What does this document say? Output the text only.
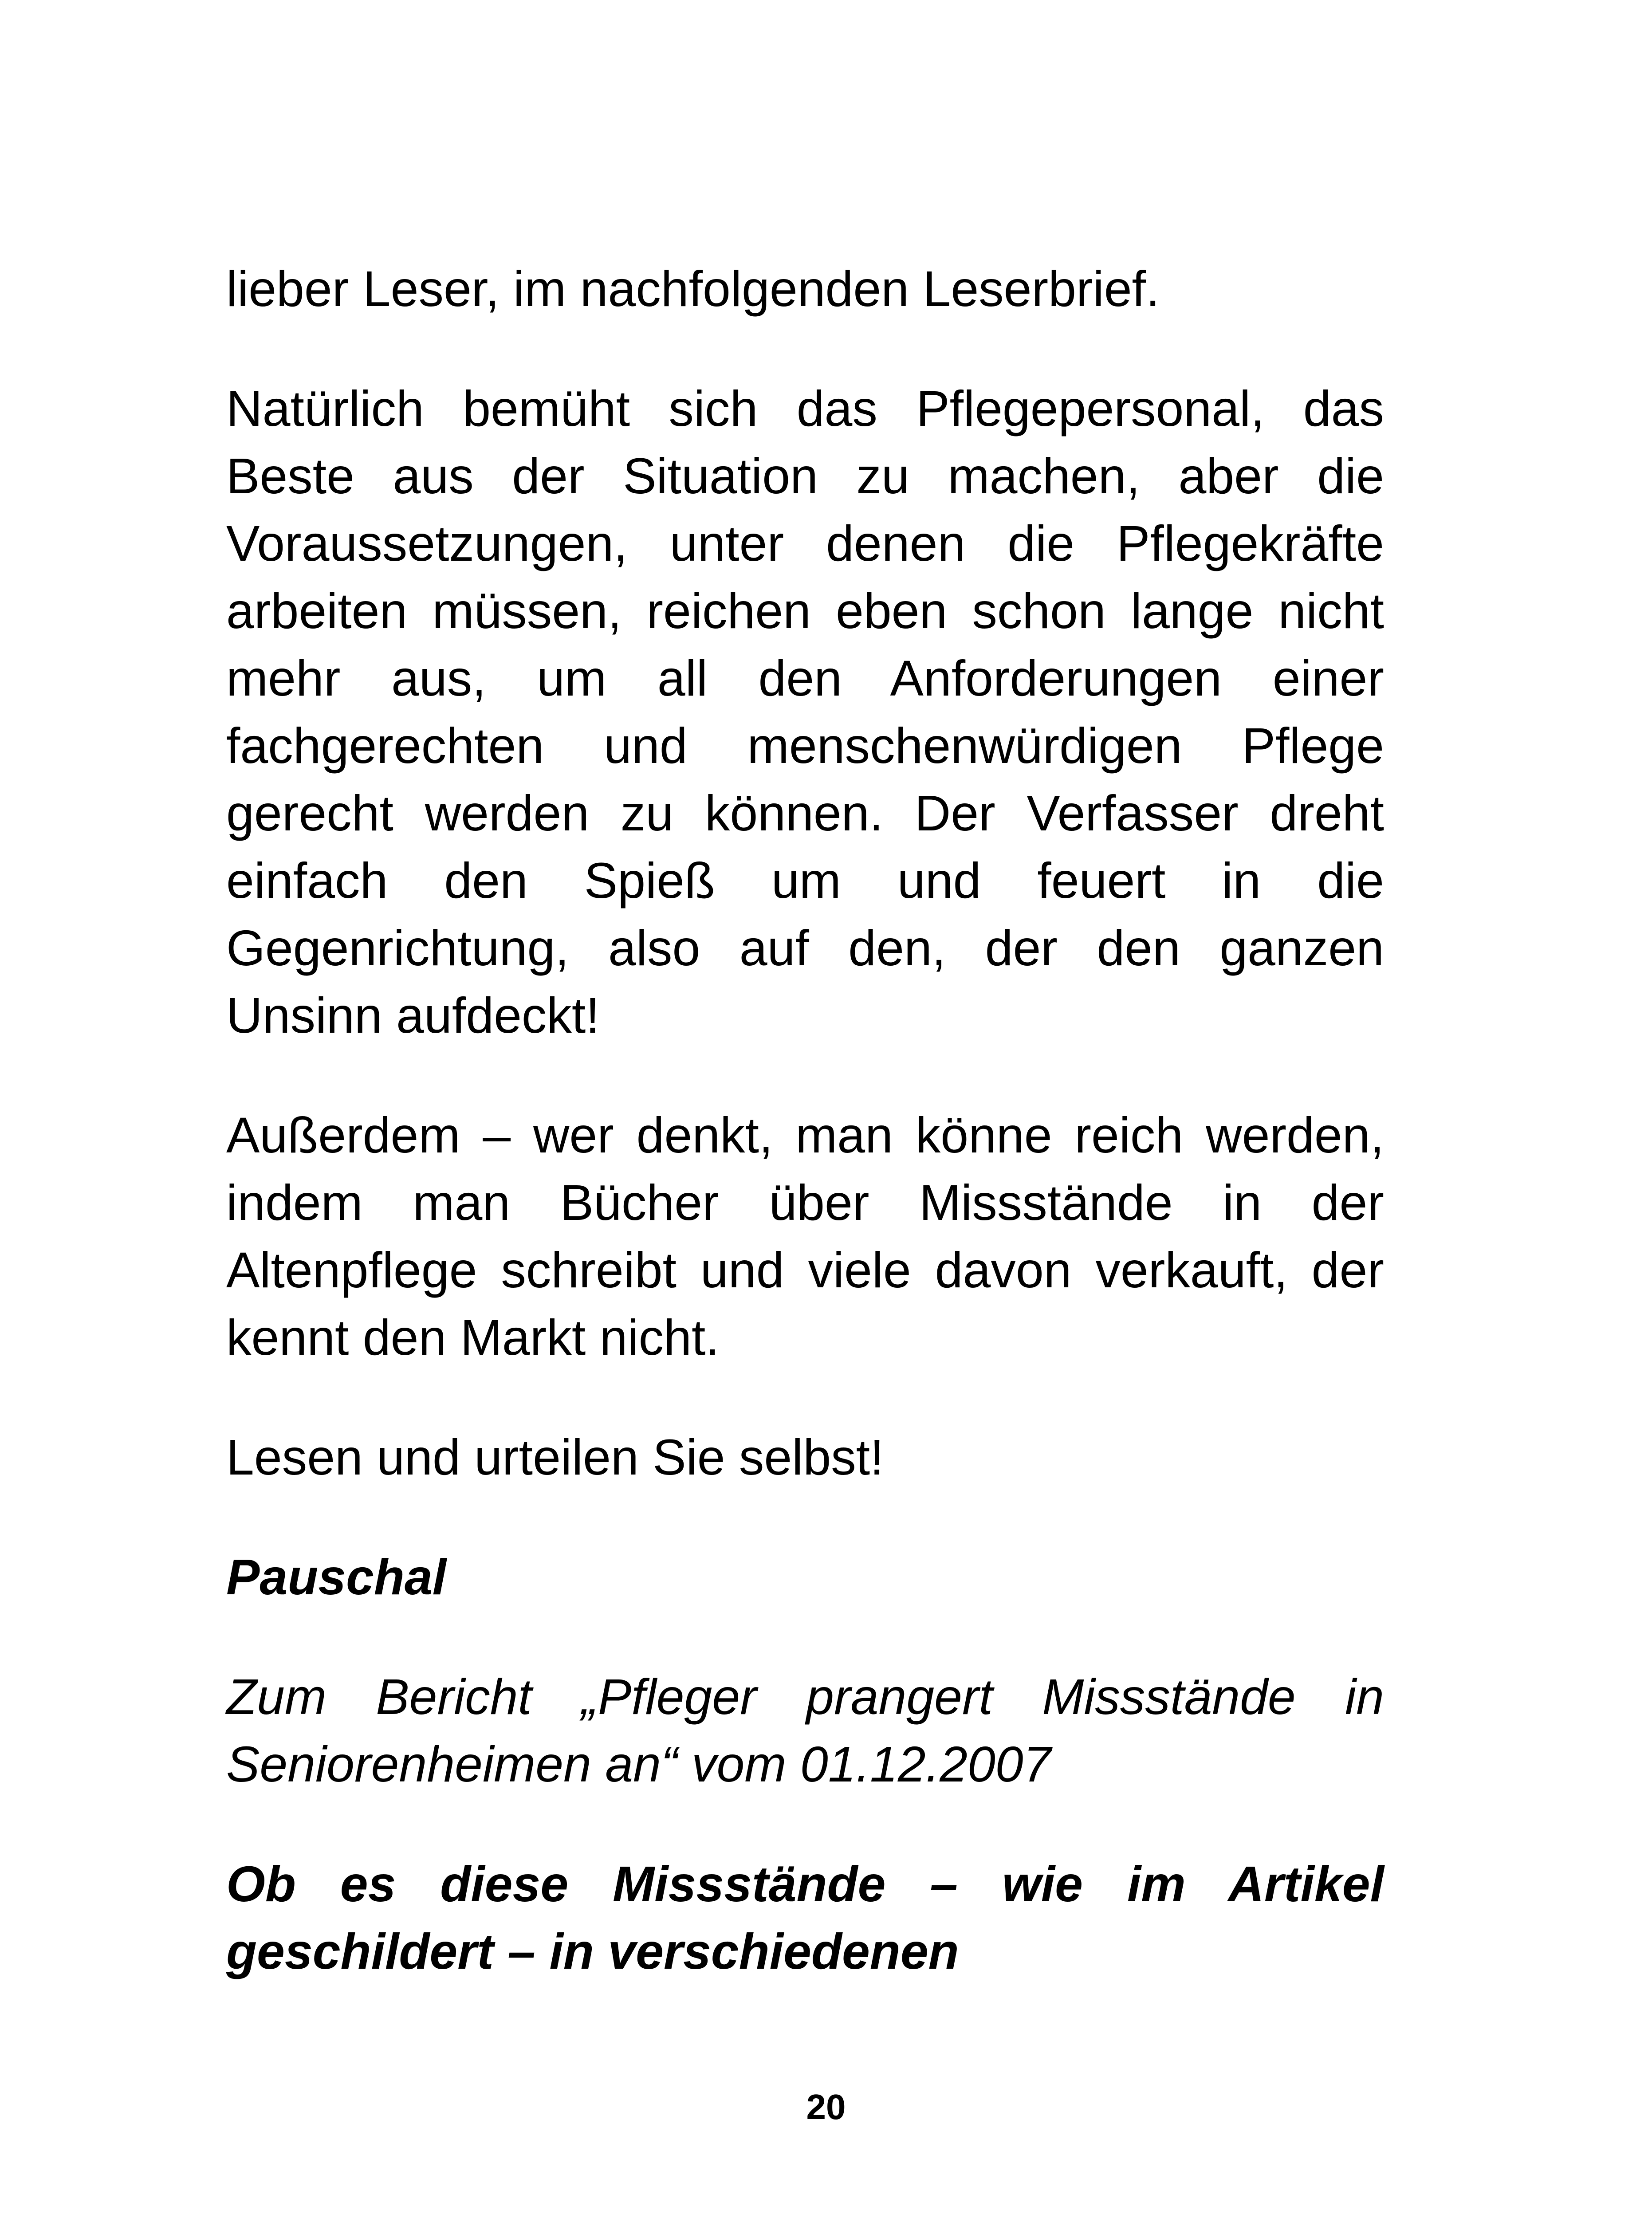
lieber Leser, im nachfolgenden Leserbrief.

Natürlich bemüht sich das Pflegepersonal, das Beste aus der Situation zu machen, aber die Voraussetzungen, unter denen die Pflegekräfte arbeiten müssen, reichen eben schon lange nicht mehr aus, um all den Anforderungen einer fachgerechten und menschenwürdigen Pflege gerecht werden zu können. Der Verfasser dreht einfach den Spieß um und feuert in die Gegenrichtung, also auf den, der den ganzen Unsinn aufdeckt!

Außerdem – wer denkt, man könne reich werden, indem man Bücher über Missstände in der Altenpflege schreibt und viele davon verkauft, der kennt den Markt nicht.

Lesen und urteilen Sie selbst!

Pauschal

Zum Bericht „Pfleger prangert Missstände in Seniorenheimen an“ vom 01.12.2007

Ob es diese Missstände – wie im Artikel geschildert – in verschiedenen

20
